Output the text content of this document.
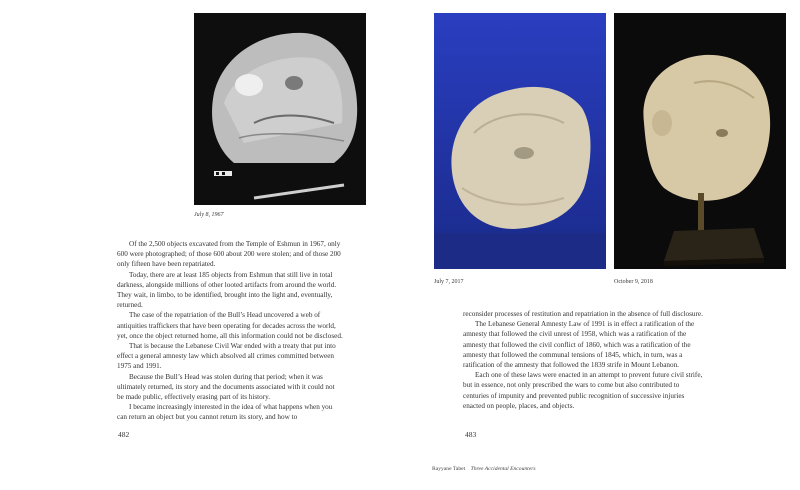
July 8, 1967

Of the 2,500 objects excavated from the Temple of Eshmun in 1967, only 600 were photographed; of those 600 about 200 were stolen; and of those 200 only fifteen have been repatriated.

Today, there are at least 185 objects from Eshmun that still live in total darkness, alongside millions of other looted artifacts from around the world. They wait, in limbo, to be identified, brought into the light and, eventually, returned.

The case of the repatriation of the Bull’s Head uncovered a web of antiquities traffickers that have been operating for decades across the world, yet, once the object returned home, all this information could not be disclosed.

That is because the Lebanese Civil War ended with a treaty that put into effect a general amnesty law which absolved all crimes committed between 1975 and 1991.

Because the Bull’s Head was stolen during that period; when it was ultimately returned, its story and the documents associated with it could not be made public, effectively erasing part of its history.

I became increasingly interested in the idea of what happens when you can return an object but you cannot return its story, and how to

482
July 7, 2017	October 9, 2018

reconsider processes of restitution and repatriation in the absence of full disclosure.

The Lebanese General Amnesty Law of 1991 is in effect a ratification of the amnesty that followed the civil unrest of 1958, which was a ratification of the amnesty that followed the civil conflict of 1860, which was a ratification of the amnesty that followed the communal tensions of 1845, which, in turn, was a ratification of the amnesty that followed the 1839 strife in Mount Lebanon.

Each one of these laws were enacted in an attempt to prevent future civil strife, but in essence, not only prescribed the wars to come but also contributed to centuries of impunity and prevented public recognition of successive injuries enacted on people, places, and objects.

483
Rayyane Tabet Three Accidental Encounters
